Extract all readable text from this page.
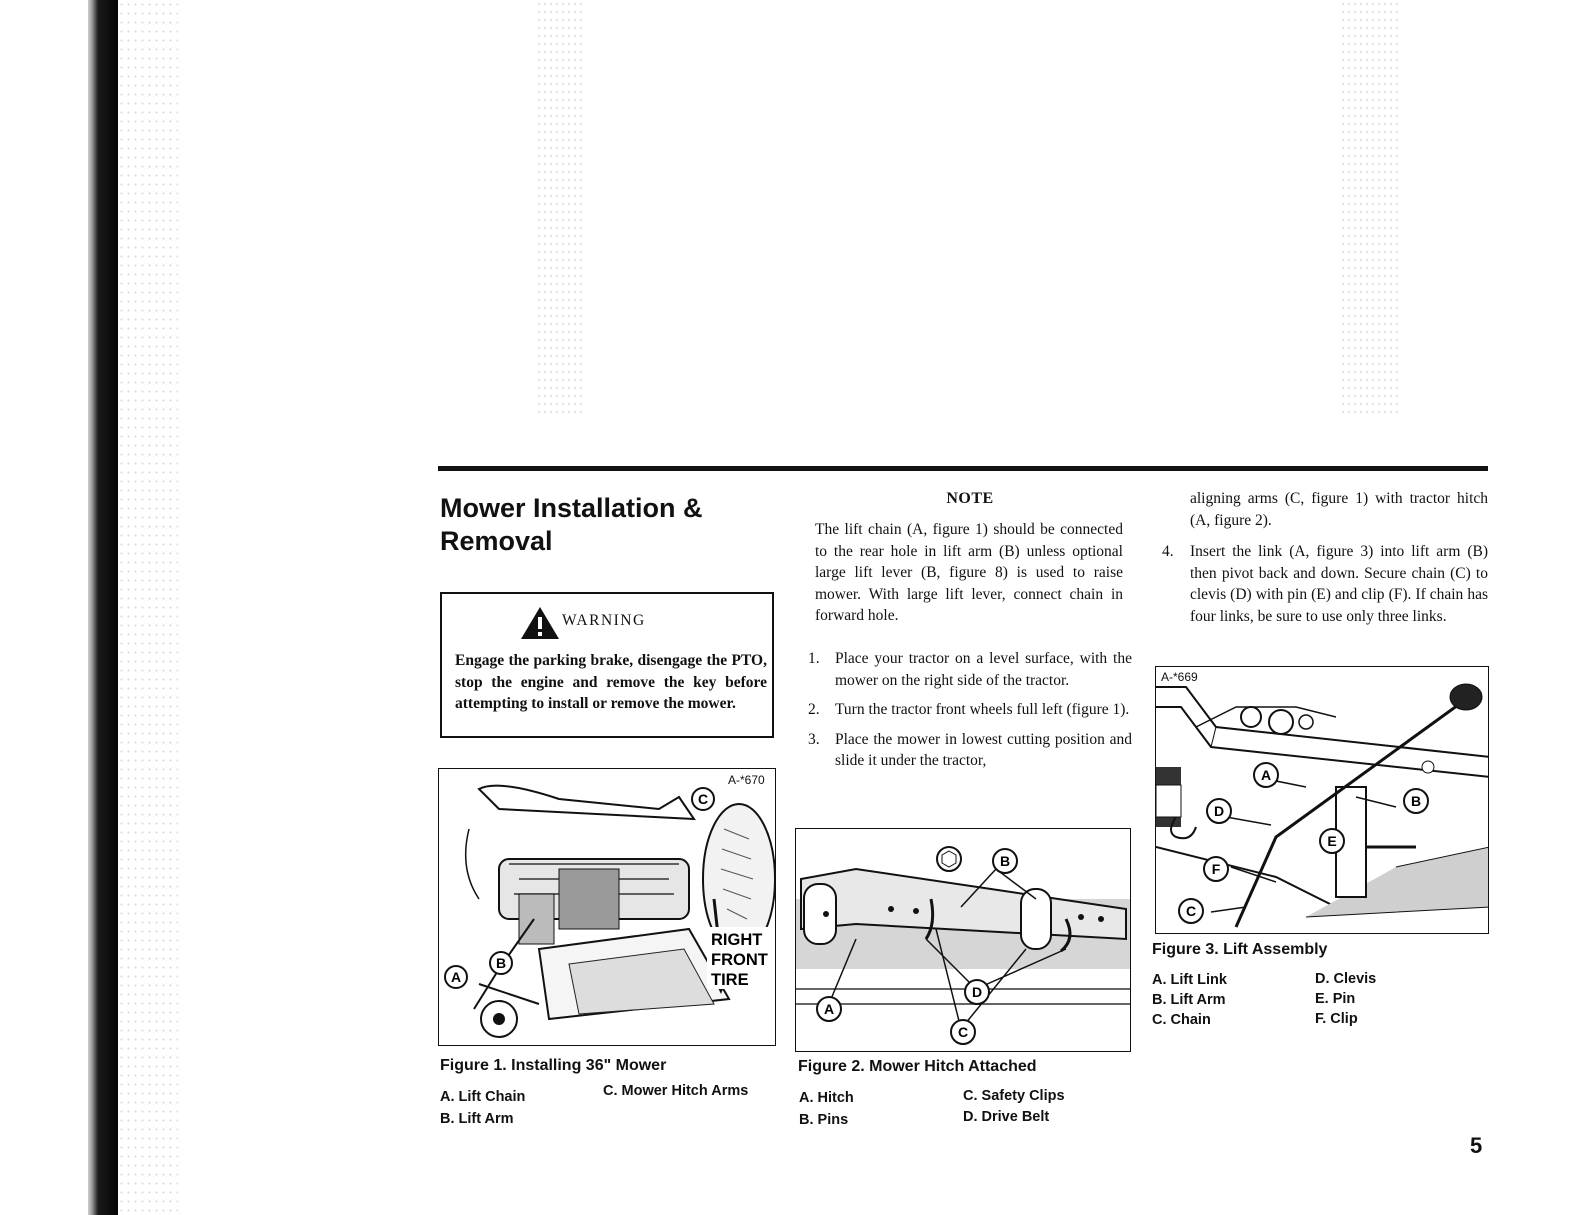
Mower Installation & Removal
WARNING
Engage the parking brake, disengage the PTO, stop the engine and remove the key before attempting to install or remove the mower.
C
B
A
RIGHT
FRONT
TIRE
A-*670
Figure 1. Installing 36" Mower
A. Lift Chain
B. Lift Arm
C. Mower Hitch Arms
NOTE
The lift chain (A, figure 1) should be connected to the rear hole in lift arm (B) unless optional large lift lever (B, figure 8) is used to raise mower. With large lift lever, connect chain in forward hole.
1. Place your tractor on a level surface, with the mower on the right side of the tractor.
2. Turn the tractor front wheels full left (figure 1).
3. Place the mower in lowest cutting position and slide it under the tractor,
A
B
C
D
Figure 2. Mower Hitch Attached
A. Hitch
B. Pins
C. Safety Clips
D. Drive Belt
aligning arms (C, figure 1) with tractor hitch (A, figure 2).
4.	Insert the link (A, figure 3) into lift arm (B) then pivot back and down. Secure chain (C) to clevis (D) with pin (E) and clip (F). If chain has four links, be sure to use only three links.
A
B
C
D
E
F
A-*669
Figure 3. Lift Assembly
A. Lift Link
B. Lift Arm
C. Chain
D. Clevis
E. Pin
F. Clip
5
